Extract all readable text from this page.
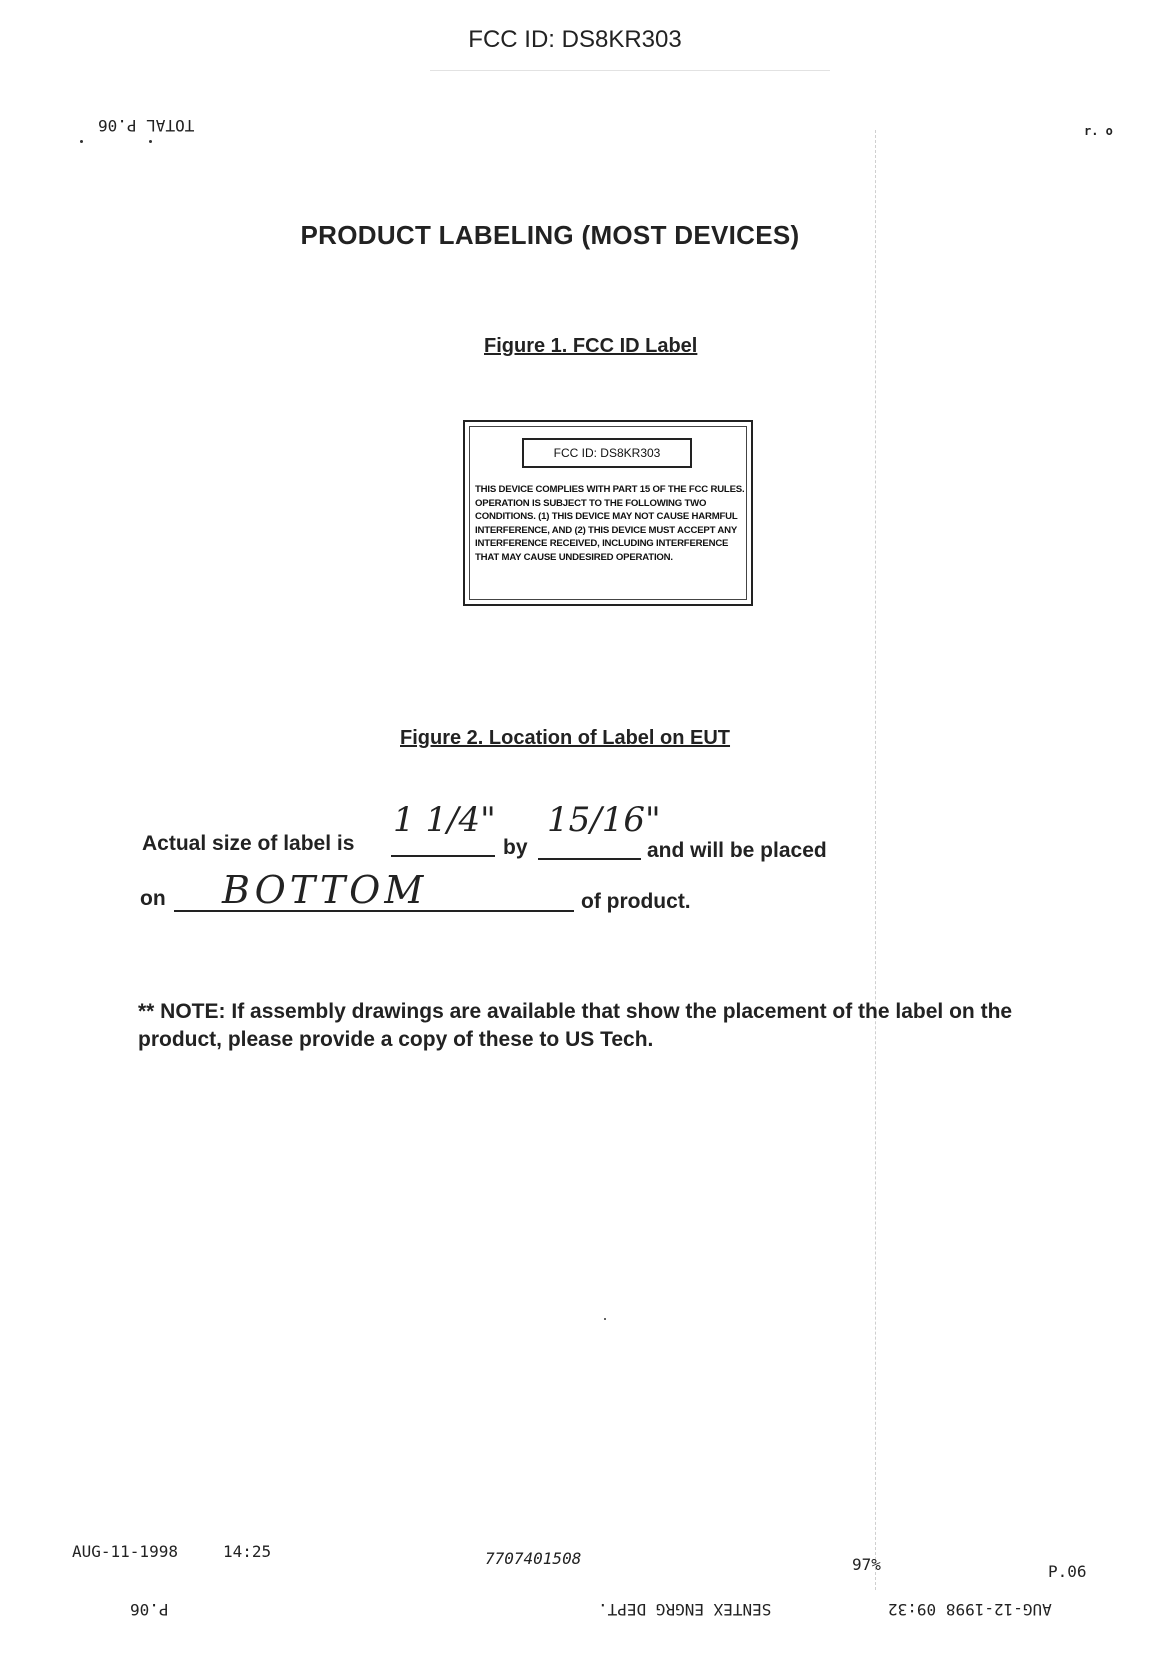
FCC ID: DS8KR303
TOTAL P.06	r. o
PRODUCT LABELING (MOST DEVICES)
Figure 1. FCC ID Label
FCC ID: DS8KR303
THIS DEVICE COMPLIES WITH PART 15 OF THE FCC RULES. OPERATION IS SUBJECT TO THE FOLLOWING TWO CONDITIONS. (1) THIS DEVICE MAY NOT CAUSE HARMFUL INTERFERENCE, AND (2) THIS DEVICE MUST ACCEPT ANY INTERFERENCE RECEIVED, INCLUDING INTERFERENCE THAT MAY CAUSE UNDESIRED OPERATION.
Figure 2. Location of Label on EUT
Actual size of label is
1 1/4"
by
15/16"
and will be placed
on BOTTOM	of product.
** NOTE: If assembly drawings are available that show the placement of the label on the product, please provide a copy of these to US Tech.
AUG-11-1998	14:25	7707401508	97%	P.06
P.06	SENTEX ENGRG DEPT.	AUG-12-1998 09:32
